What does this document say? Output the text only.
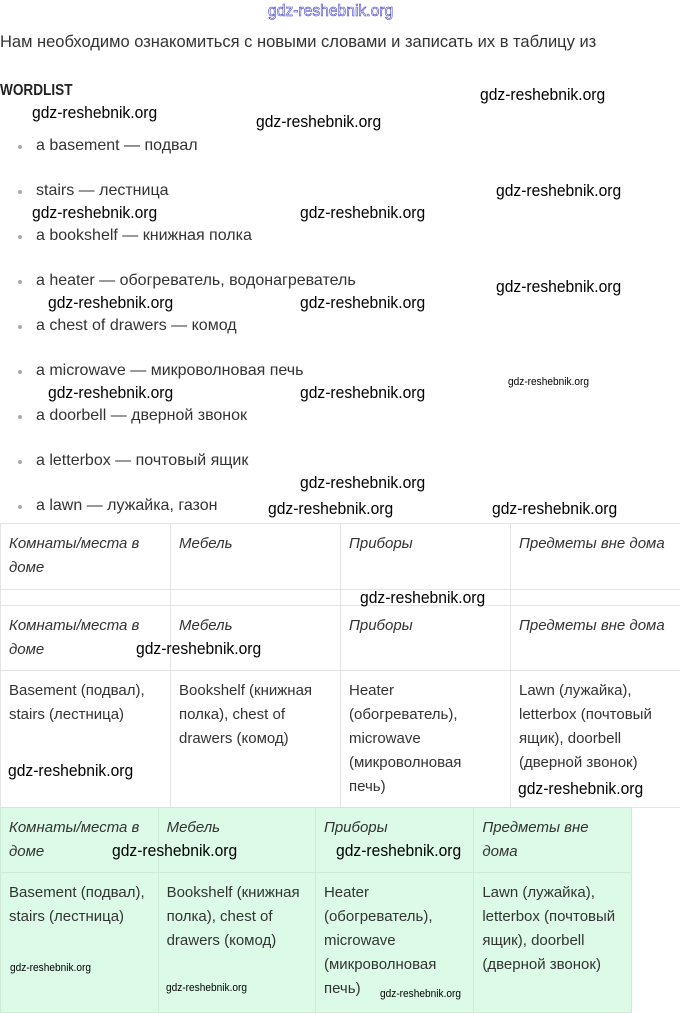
Нам необходимо ознакомиться с новыми словами и записать их в таблицу из
WORDLIST
a basement — подвал
stairs — лестница
a bookshelf — книжная полка
a heater — обогреватель, водонагреватель
a chest of drawers — комод
a microwave — микроволновая печь
a doorbell — дверной звонок
a letterbox — почтовый ящик
a lawn — лужайка, газон
Комнаты/места в доме	Мебель	Приборы	Предметы вне дома

Комнаты/места в доме	Мебель	Приборы	Предметы вне дома
Basement (подвал), stairs (лестница)	Bookshelf (книжная полка), chest of drawers (комод)	Heater (обогреватель), microwave (микроволновая печь)	Lawn (лужайка), letterbox (почтовый ящик), doorbell (дверной звонок)
Комнаты/места в доме	Мебель	Приборы	Предметы вне дома
Basement (подвал), stairs (лестница)	Bookshelf (книжная полка), chest of drawers (комод)	Heater (обогреватель), microwave (микроволновая печь)	Lawn (лужайка), letterbox (почтовый ящик), doorbell (дверной звонок)
gdz-reshebnik.org
gdz-reshebnik.org
gdz-reshebnik.org	gdz-reshebnik.org
gdz-reshebnik.org
gdz-reshebnik.org	gdz-reshebnik.org
gdz-reshebnik.org
gdz-reshebnik.org	gdz-reshebnik.org
gdz-reshebnik.org
gdz-reshebnik.org	gdz-reshebnik.org
gdz-reshebnik.org
gdz-reshebnik.org
gdz-reshebnik.org
gdz-reshebnik.org
gdz-reshebnik.org
gdz-reshebnik.org
gdz-reshebnik.org
gdz-reshebnik.org	gdz-reshebnik.org
gdz-reshebnik.org
gdz-reshebnik.org	gdz-reshebnik.org
